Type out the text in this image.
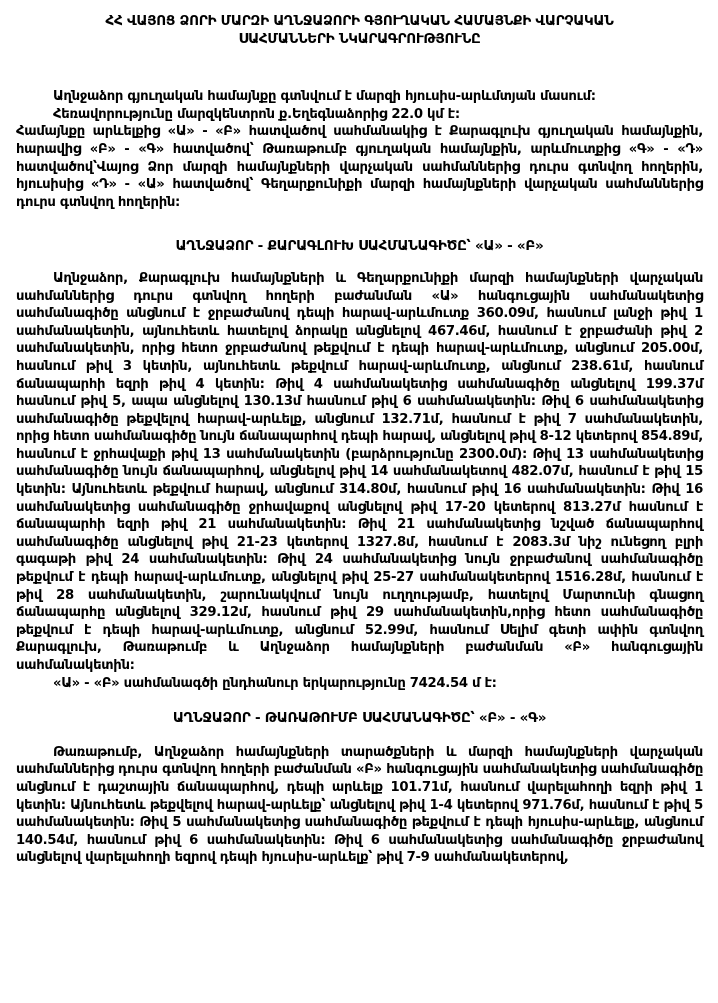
ՀՀ ՎԱՅՈՑ ՁՈՐԻ ՄԱՐԶԻ ԱՂՆՋԱՁՈՐԻ ԳՅՈՒՂԱԿԱՆ ՀԱՄԱՅՆՔԻ ՎԱՐՉԱԿԱՆ
ՍԱՀՄԱՆՆԵՐԻ ՆԿԱՐԱԳՐՈՒԹՅՈՒՆԸ

Աղնջաձոր գյուղական համայնքը գտնվում է մարզի հյուսիս-արևմտյան մասում:

Հեռավորությունը մարզկենտրոն ք.Եղեգնաձորից 22.0 կմ է:

Համայնքը արևելքից «Ա» - «Բ» հատվածով սահմանակից է Քարագլուխ գյուղական համայնքին, հարավից «Բ» - «Գ» հատվածով՝ Թառաթումբ գյուղական համայնքին, արևմուտքից «Գ» - «Դ» հատվածով՝Վայոց Ձոր մարզի համայնքների վարչական սահմաններից դուրս գտնվող հողերին, հյուսիսից «Դ» - «Ա» հատվածով՝ Գեղարքունիքի մարզի համայնքների վարչական սահմաններից դուրս գտնվող հողերին:

ԱՂՆՋԱՁՈՐ - ՔԱՐԱԳԼՈՒԽ ՍԱՀՄԱՆԱԳԻԾԸ՝ «Ա» - «Բ»

Աղնջաձոր, Քարագլուխ համայնքների և Գեղարքունիքի մարզի համայնքների վարչական սահմաններից դուրս գտնվող հողերի բաժանման «Ա» հանգուցային սահմանակետից սահմանագիծը անցնում է ջրբաժանով դեպի հարավ-արևմուտք 360.09մ, հասնում լանջի թիվ 1 սահմանակետին, այնուհետև հատելով ձորակը անցնելով 467.46մ, հասնում է ջրբաժանի թիվ 2 սահմանակետին, որից հետո ջրբաժանով թեքվում է դեպի հարավ-արևմուտք, անցնում 205.00մ, հասնում թիվ 3 կետին, այնուհետև թեքվում հարավ-արևմուտք, անցնում 238.61մ, հասնում ճանապարհի եզրի թիվ 4 կետին: Թիվ 4 սահմանակետից սահմանագիծը անցնելով 199.37մ հասնում թիվ 5, ապա անցնելով 130.13մ հասնում թիվ 6 սահմանակետին: Թիվ 6 սահմանակետից սահմանագիծը թեքվելով հարավ-արևելք, անցնում 132.71մ, հասնում է թիվ 7 սահմանակետին, որից հետո սահմանագիծը նույն ճանապարհով դեպի հարավ, անցնելով թիվ 8-12 կետերով 854.89մ, հասնում է ջրհավաքի թիվ 13 սահմանակետին (բարձրությունը 2300.0մ): Թիվ 13 սահմանակետից սահմանագիծը նույն ճանապարհով, անցնելով թիվ 14 սահմանակետով 482.07մ, հասնում է թիվ 15 կետին: Այնուհետև թեքվում հարավ, անցնում 314.80մ, հասնում թիվ 16 սահմանակետին: Թիվ 16 սահմանակետից սահմանագիծը ջրհավաքով անցնելով թիվ 17-20 կետերով 813.27մ հասնում է ճանապարհի եզրի թիվ 21 սահմանակետին: Թիվ 21 սահմանակետից նշված ճանապարհով սահմանագիծը անցնելով թիվ 21-23 կետերով 1327.8մ, հասնում է 2083.3մ նիշ ունեցող բլրի գագաթի թիվ 24 սահմանակետին: Թիվ 24 սահմանակետից նույն ջրբաժանով սահմանագիծը թեքվում է դեպի հարավ-արևմուտք, անցնելով թիվ 25-27 սահմանակետերով 1516.28մ, հասնում է թիվ 28 սահմանակետին, շարունակվում նույն ուղղությամբ, հատելով Մարտունի գնացող ճանապարհը անցնելով 329.12մ, հասնում թիվ 29 սահմանակետին,որից հետո սահմանագիծը թեքվում է դեպի հարավ-արևմուտք, անցնում 52.99մ, հասնում Սելիմ գետի ափին գտնվող Քարագլուխ, Թառաթումբ և Աղնջաձոր համայնքների բաժանման «Բ» հանգուցային սահմանակետին:

«Ա» - «Բ» սահմանագծի ընդհանուր երկարությունը 7424.54 մ է:

ԱՂՆՋԱՁՈՐ - ԹԱՌԱԹՈՒՄԲ ՍԱՀՄԱՆԱԳԻԾԸ՝ «Բ» - «Գ»

Թառաթումբ, Աղնջաձոր համայնքների տարածքների և մարզի համայնքների վարչական սահմաններից դուրս գտնվող հողերի բաժանման «Բ» հանգուցային սահմանակետից սահմանագիծը անցնում է դաշտային ճանապարհով, դեպի արևելք 101.71մ, հասնում վարելահողի եզրի թիվ 1 կետին: Այնուհետև թեքվելով հարավ-արևելք՝ անցնելով թիվ 1-4 կետերով 971.76մ, հասնում է թիվ 5 սահմանակետին: Թիվ 5 սահմանակետից սահմանագիծը թեքվում է դեպի հյուսիս-արևելք, անցնում 140.54մ, հասնում թիվ 6 սահմանակետին: Թիվ 6 սահմանակետից սահմանագիծը ջրբաժանով անցնելով վարելահողի եզրով դեպի հյուսիս-արևելք՝ թիվ 7-9 սահմանակետերով,
